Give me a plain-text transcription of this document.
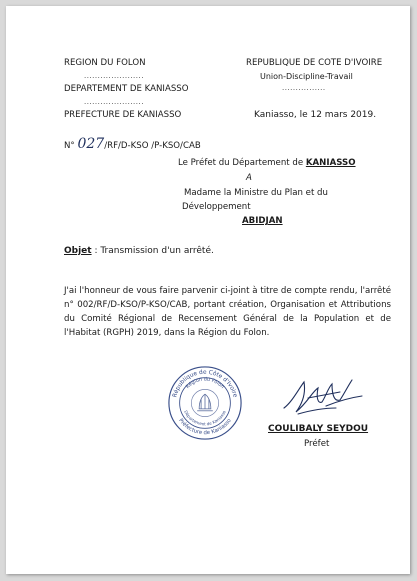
REGION DU FOLON
......................
DEPARTEMENT DE KANIASSO
......................
PREFECTURE DE KANIASSO
REPUBLIQUE DE COTE D'IVOIRE
Union-Discipline-Travail
................
Kaniasso, le 12 mars 2019.
N° 027/RF/D-KSO /P-KSO/CAB
Le Préfet du Département de KANIASSO
A
Madame la Ministre du Plan et du
Développement
ABIDJAN
Objet : Transmission d'un arrêté.
J'ai l'honneur de vous faire parvenir ci-joint à titre de compte rendu, l'arrêté n° 002/RF/D-KSO/P-KSO/CAB, portant création, Organisation et Attributions du Comité Régional de Recensement Général de la Population et de l'Habitat (RGPH) 2019, dans la Région du Folon.
République de Côte d'Ivoire
Région du Folon
Département de Kaniasso
Préfecture de Kaniasso
COULIBALY SEYDOU
Préfet
